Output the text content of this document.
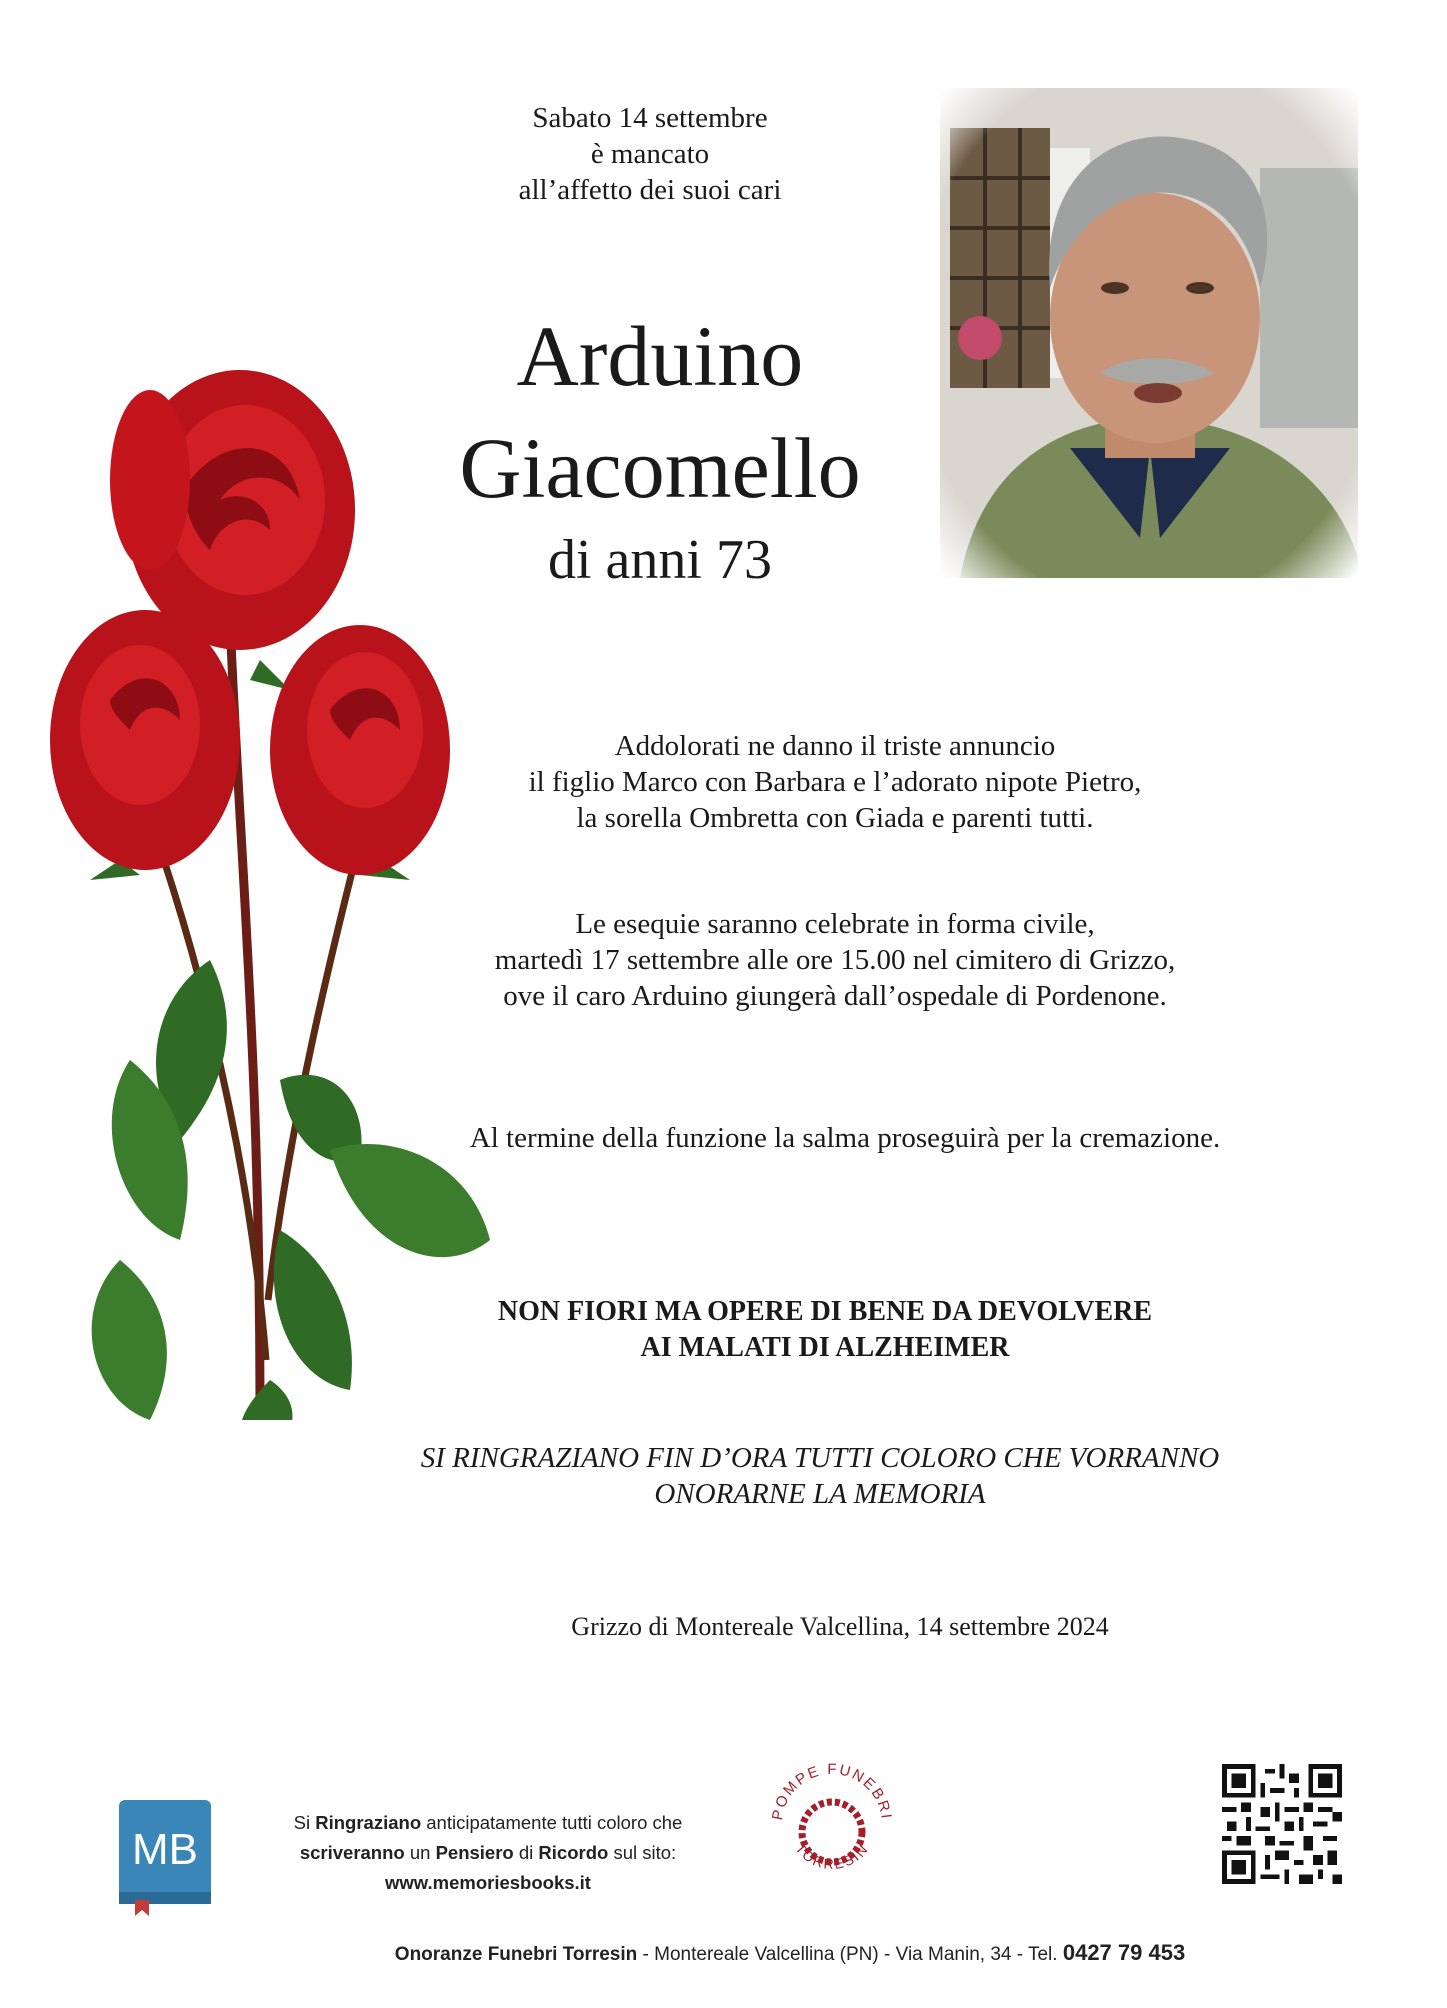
Sabato 14 settembre
è mancato
all’affetto dei suoi cari
Arduino
Giacomello
di anni 73
Addolorati ne danno il triste annuncio
il figlio Marco con Barbara e l’adorato nipote Pietro,
la sorella Ombretta con Giada e parenti tutti.
Le esequie saranno celebrate in forma civile,
martedì 17 settembre alle ore 15.00 nel cimitero di Grizzo,
ove il caro Arduino giungerà dall’ospedale di Pordenone.
Al termine della funzione la salma proseguirà per la cremazione.
NON FIORI MA OPERE DI BENE DA DEVOLVERE
AI MALATI DI ALZHEIMER
SI RINGRAZIANO FIN D’ORA TUTTI COLORO CHE VORRANNO
ONORARNE LA MEMORIA
Grizzo di Montereale Valcellina, 14 settembre 2024
MB
Si Ringraziano anticipatamente tutti coloro che
scriveranno un Pensiero di Ricordo sul sito:
www.memoriesbooks.it
POMPE FUNEBRI
TORRESIN
Onoranze Funebri Torresin - Montereale Valcellina (PN) - Via Manin, 34 - Tel. 0427 79 453
